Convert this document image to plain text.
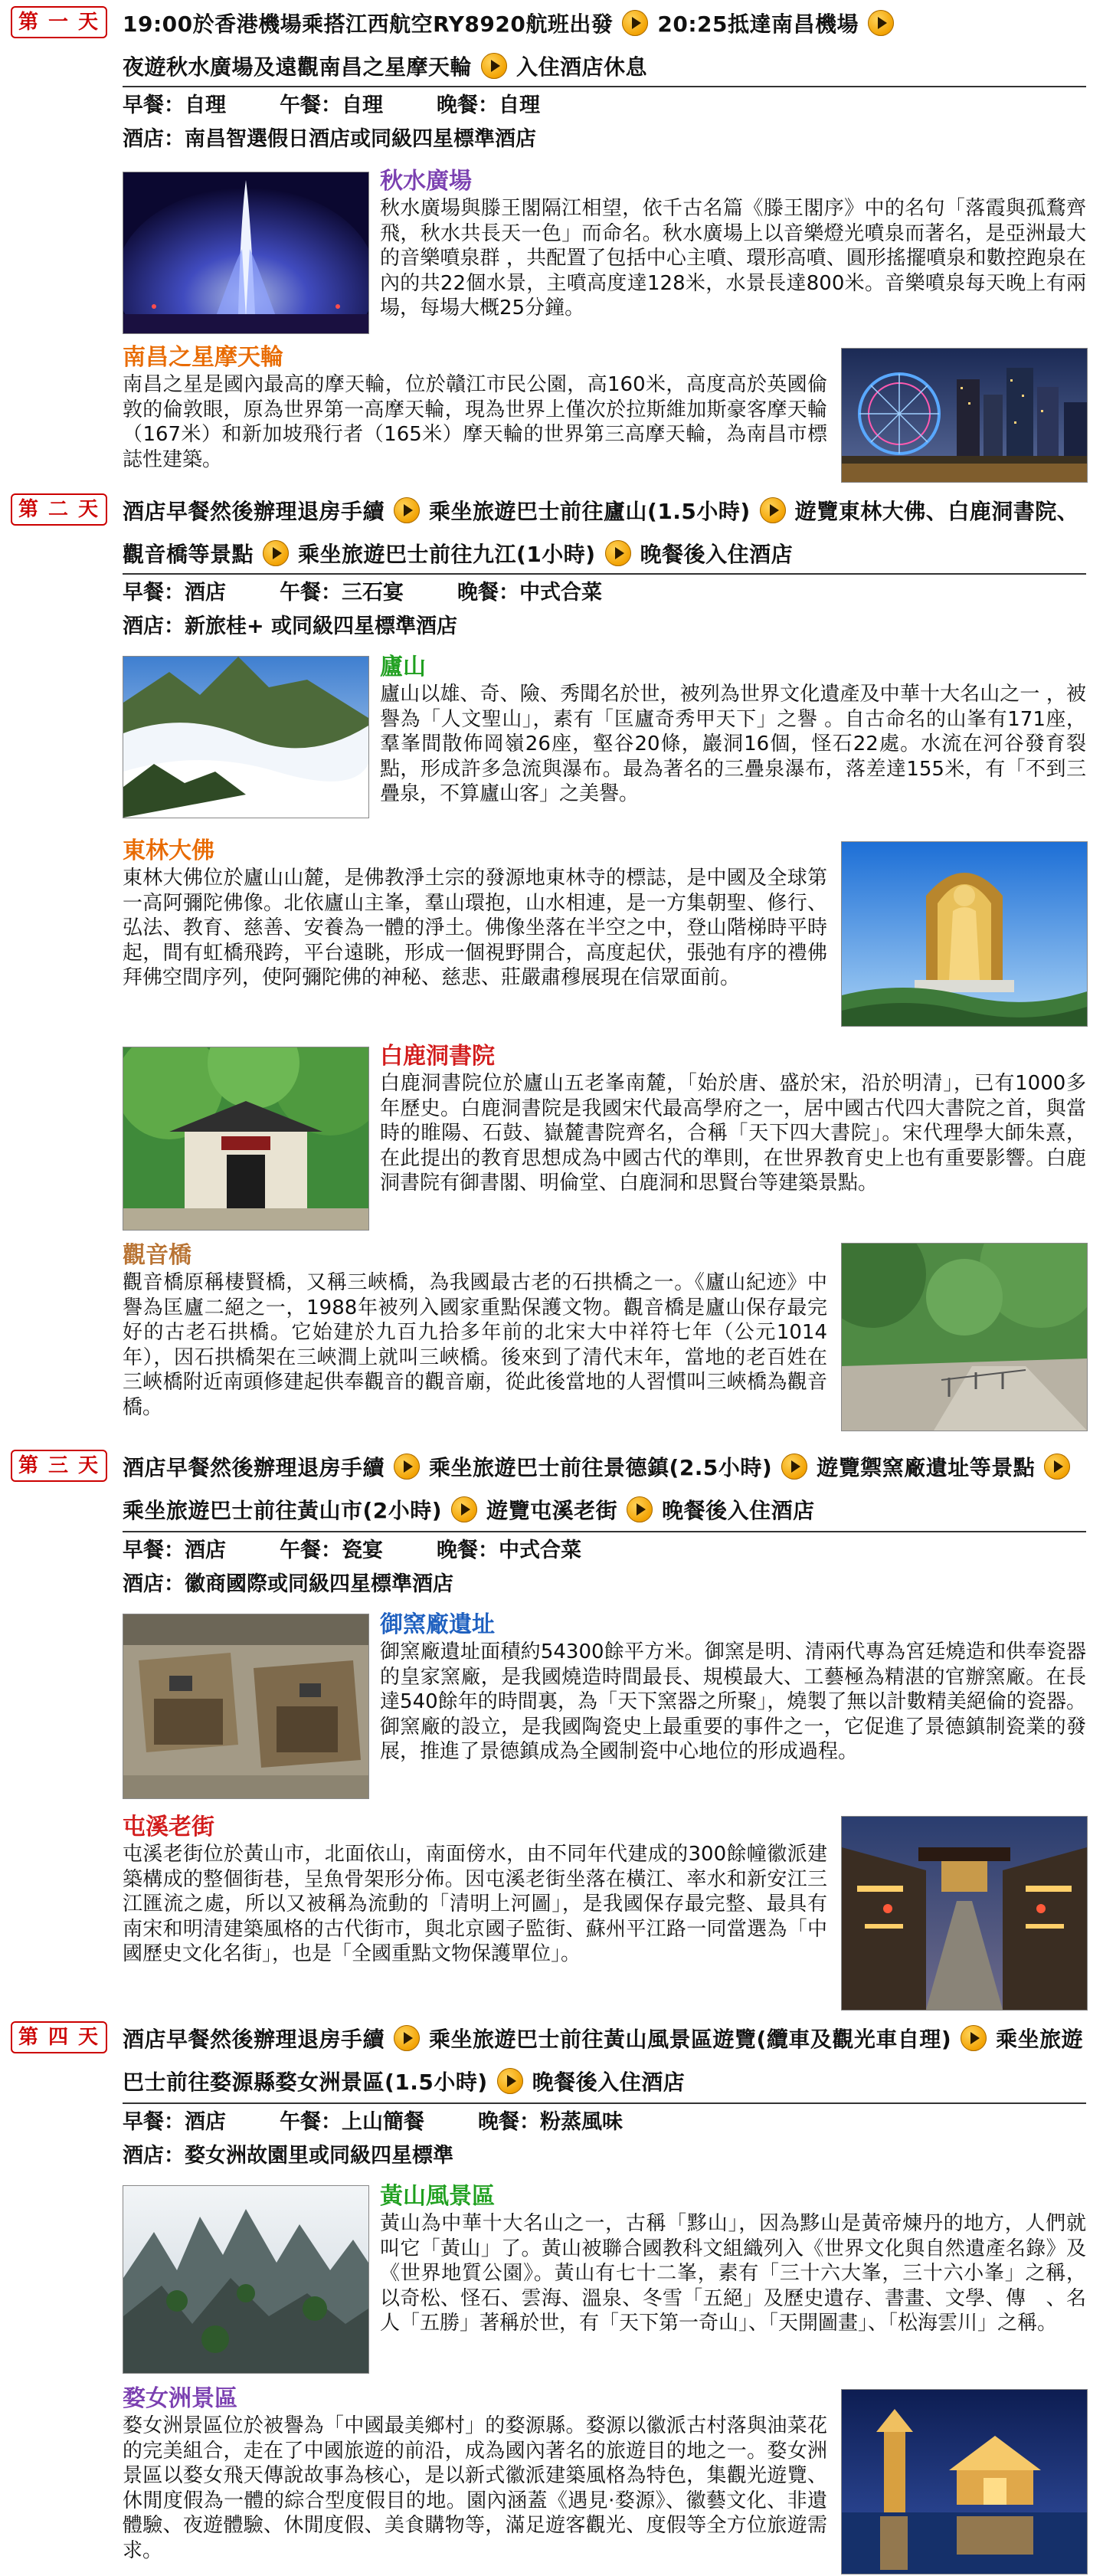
第 一 天	19:00於香港機場乘搭江西航空RY8920航班出發 20:25抵達南昌機場
夜遊秋水廣場及遠觀南昌之星摩天輪 入住酒店休息
早餐：自理	午餐：自理	晚餐：自理
酒店：南昌智選假日酒店或同級四星標準酒店
秋水廣場
秋水廣場與滕王閣隔江相望，依千古名篇《滕王閣序》中的名句「落霞與孤鶩齊飛，秋水共長天一色」而命名。秋水廣場上以音樂燈光噴泉而著名，是亞洲最大的音樂噴泉群 ，共配置了包括中心主噴、環形高噴、圓形搖擺噴泉和數控跑泉在內的共22個水景，主噴高度達128米，水景長達800米。音樂噴泉每天晚上有兩場，每場大概25分鐘。
南昌之星摩天輪
南昌之星是國內最高的摩天輪，位於贛江市民公園，高160米，高度高於英國倫敦的倫敦眼，原為世界第一高摩天輪，現為世界上僅次於拉斯維加斯豪客摩天輪（167米）和新加坡飛行者（165米）摩天輪的世界第三高摩天輪，為南昌市標誌性建築。
第 二 天	酒店早餐然後辦理退房手續 乘坐旅遊巴士前往廬山(1.5小時) 遊覽東林大佛、白鹿洞書院、觀音橋等景點 乘坐旅遊巴士前往九江(1小時) 晚餐後入住酒店
早餐：酒店	午餐：三石宴	晚餐：中式合菜
酒店：新旅桂+ 或同級四星標準酒店
廬山
廬山以雄、奇、險、秀聞名於世，被列為世界文化遺產及中華十大名山之一 ，被譽為「人文聖山」，素有「匡廬奇秀甲天下」之譽 。自古命名的山峯有171座，羣峯間散佈岡嶺26座，壑谷20條，巖洞16個，怪石22處。水流在河谷發育裂點，形成許多急流與瀑布。最為著名的三疊泉瀑布，落差達155米，有「不到三疊泉，不算廬山客」之美譽。
東林大佛
東林大佛位於廬山山麓，是佛教淨土宗的發源地東林寺的標誌，是中國及全球第一高阿彌陀佛像。北依廬山主峯，羣山環抱，山水相連，是一方集朝聖、修行、弘法、教育、慈善、安養為一體的淨土。佛像坐落在半空之中，登山階梯時平時起，間有虹橋飛跨，平台遠眺，形成一個視野開合，高度起伏，張弛有序的禮佛拜佛空間序列，使阿彌陀佛的神秘、慈悲、莊嚴肅穆展現在信眾面前。
白鹿洞書院
白鹿洞書院位於廬山五老峯南麓，「始於唐、盛於宋，沿於明清」，已有1000多年歷史。白鹿洞書院是我國宋代最高學府之一，居中國古代四大書院之首，與當時的睢陽、石鼓、嶽麓書院齊名，合稱「天下四大書院」。宋代理學大師朱熹，在此提出的教育思想成為中國古代的準則，在世界教育史上也有重要影響。白鹿洞書院有御書閣、明倫堂、白鹿洞和思賢台等建築景點。
觀音橋
觀音橋原稱棲賢橋，又稱三峽橋，為我國最古老的石拱橋之一。《廬山紀迹》中譽為匡廬二絕之一，1988年被列入國家重點保護文物。觀音橋是廬山保存最完好的古老石拱橋。它始建於九百九拾多年前的北宋大中祥符七年（公元1014年），因石拱橋架在三峽澗上就叫三峽橋。後來到了清代末年，當地的老百姓在三峽橋附近南頭修建起供奉觀音的觀音廟，從此後當地的人習慣叫三峽橋為觀音橋。
第 三 天	酒店早餐然後辦理退房手續 乘坐旅遊巴士前往景德鎮(2.5小時) 遊覽禦窯廠遺址等景點乘坐旅遊巴士前往黃山市(2小時) 遊覽屯溪老街 晚餐後入住酒店
早餐：酒店	午餐：瓷宴	晚餐：中式合菜
酒店：徽商國際或同級四星標準酒店
御窯廠遺址
御窯廠遺址面積約54300餘平方米。御窯是明、清兩代專為宮廷燒造和供奉瓷器的皇家窯廠，是我國燒造時間最長、規模最大、工藝極為精湛的官辦窯廠。在長達540餘年的時間裏，為「天下窯器之所聚」，燒製了無以計數精美絕倫的瓷器。御窯廠的設立，是我國陶瓷史上最重要的事件之一，它促進了景德鎮制瓷業的發展，推進了景德鎮成為全國制瓷中心地位的形成過程。
屯溪老街
屯溪老街位於黃山市，北面依山，南面傍水，由不同年代建成的300餘幢徽派建築構成的整個街巷，呈魚骨架形分佈。因屯溪老街坐落在橫江、率水和新安江三江匯流之處，所以又被稱為流動的「清明上河圖」，是我國保存最完整、最具有南宋和明清建築風格的古代街市，與北京國子監街、蘇州平江路一同當選為「中國歷史文化名街」，也是「全國重點文物保護單位」。
第 四 天	酒店早餐然後辦理退房手續 乘坐旅遊巴士前往黃山風景區遊覽(纜車及觀光車自理) 乘坐旅遊巴士前往婺源縣婺女洲景區(1.5小時) 晚餐後入住酒店
早餐：酒店	午餐：上山簡餐	晚餐：粉蒸風味
酒店：婺女洲故園里或同級四星標準
黃山風景區
黃山為中華十大名山之一，古稱「黟山」，因為黟山是黃帝煉丹的地方，人們就叫它「黃山」了。黃山被聯合國教科文組織列入《世界文化與自然遺產名錄》及《世界地質公園》。黃山有七十二峯，素有「三十六大峯，三十六小峯」之稱，以奇松、怪石、雲海、溫泉、冬雪「五絕」及歷史遺存、書畫、文學、傳　、名人「五勝」著稱於世，有「天下第一奇山」、「天開圖畫」、「松海雲川」之稱。
婺女洲景區
婺女洲景區位於被譽為「中國最美鄉村」的婺源縣。婺源以徽派古村落與油菜花的完美組合，走在了中國旅遊的前沿，成為國內著名的旅遊目的地之一。婺女洲景區以婺女飛天傳說故事為核心，是以新式徽派建築風格為特色，集觀光遊覽、休閒度假為一體的綜合型度假目的地。園內涵蓋《遇見·婺源》、徽藝文化、非遺體驗、夜遊體驗、休閒度假、美食購物等，滿足遊客觀光、度假等全方位旅遊需求。
